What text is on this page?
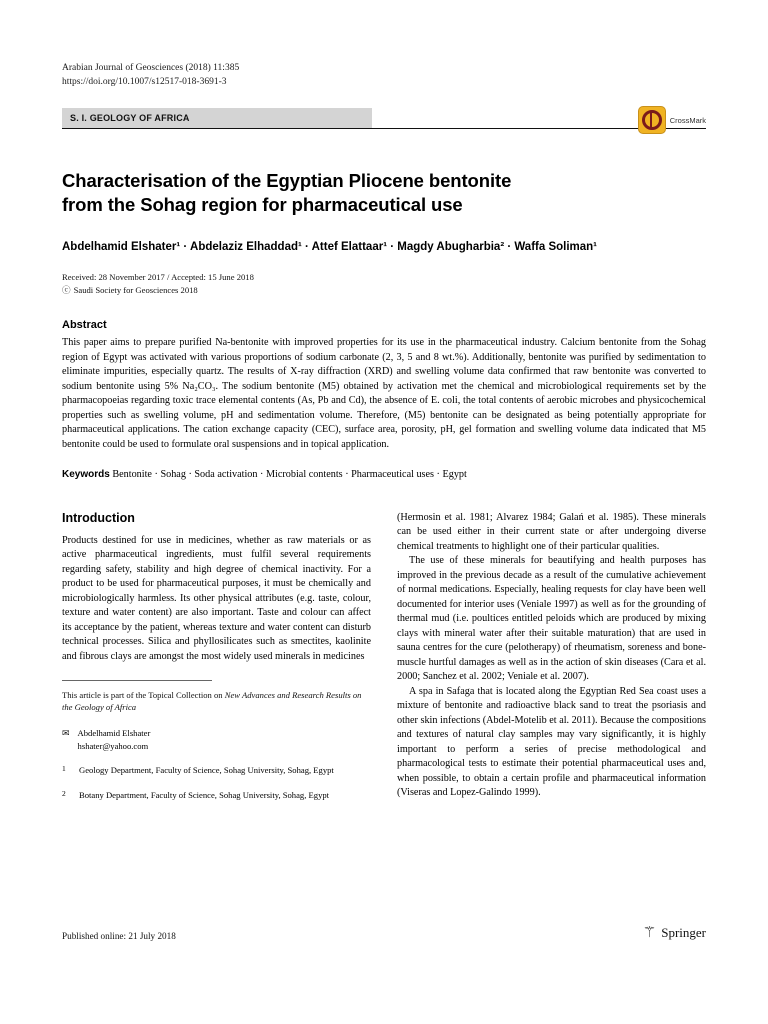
Arabian Journal of Geosciences (2018) 11:385
https://doi.org/10.1007/s12517-018-3691-3
CrossMark
S. I. GEOLOGY OF AFRICA
Characterisation of the Egyptian Pliocene bentonite
from the Sohag region for pharmaceutical use
Abdelhamid Elshater¹ · Abdelaziz Elhaddad¹ · Attef Elattaar¹ · Magdy Abugharbia² · Waffa Soliman¹
Received: 28 November 2017 / Accepted: 15 June 2018
ⓒ Saudi Society for Geosciences 2018
Abstract

This paper aims to prepare purified Na-bentonite with improved properties for its use in the pharmaceutical industry. Calcium bentonite from the Sohag region of Egypt was activated with various proportions of sodium carbonate (2, 3, 5 and 8 wt.%). Additionally, bentonite was purified by sedimentation to eliminate impurities, especially quartz. The results of X-ray diffraction (XRD) and swelling volume data confirmed that raw bentonite was converted to sodium bentonite using 5% Na₂CO₃. The sodium bentonite (M5) obtained by activation met the chemical and microbiological requirements set by the pharmacopoeias regarding toxic trace elemental contents (As, Pb and Cd), the absence of E. coli, the total contents of aerobic microbes and physicochemical properties such as swelling volume, pH and sedimentation volume. Therefore, (M5) bentonite can be designated as being potentially appropriate for pharmaceutical applications. The cation exchange capacity (CEC), surface area, porosity, pH, gel formation and swelling volume data indicated that M5 bentonite could be used to formulate oral suspensions and in topical application.

Keywords Bentonite · Sohag · Soda activation · Microbial contents · Pharmaceutical uses · Egypt
Introduction

Products destined for use in medicines, whether as raw materials or as active pharmaceutical ingredients, must fulfil several requirements regarding safety, stability and high degree of chemical inactivity. For a product to be used for pharmaceutical purposes, it must be chemically and microbiologically harmless. Its other physical attributes (e.g. taste, colour, texture and water content) are also important. Taste and colour can affect its acceptance by the patient, whereas texture and water content can disturb technical processes. Silica and phyllosilicates such as smectites, kaolinite and fibrous clays are amongst the most widely used minerals in medicines

This article is part of the Topical Collection on New Advances and Research Results on the Geology of Africa
✉ Abdelhamid Elshater
hshater@yahoo.com
1	Geology Department, Faculty of Science, Sohag University, Sohag, Egypt
2	Botany Department, Faculty of Science, Sohag University, Sohag, Egypt

(Hermosin et al. 1981; Alvarez 1984; Galań et al. 1985). These minerals can be used either in their current state or after undergoing diverse chemical treatments to highlight one of their particular qualities.

The use of these minerals for beautifying and health purposes has improved in the previous decade as a result of the cumulative achievement of normal medications. Especially, healing requests for clay have been well documented for interior uses (Veniale 1997) as well as for the grounding of thermal mud (i.e. poultices entitled peloids which are produced by mixing clays with mineral water after their suitable maturation) that are used in sauna centres for the cure (pelotherapy) of rheumatism, soreness and bone-muscle hurtful damages as well as in the action of skin diseases (Cara et al. 2000; Sanchez et al. 2002; Veniale et al. 2007).

A spa in Safaga that is located along the Egyptian Red Sea coast uses a mixture of bentonite and radioactive black sand to treat the psoriasis and other skin infections (Abdel-Motelib et al. 2011). Because the compositions and textures of natural clay samples may vary significantly, it is highly important to perform a series of precise methodological and pharmacological tests to estimate their potential pharmaceutical uses and, when possible, to obtain a certain profile and pharmaceutical information (Viseras and Lopez-Galindo 1999).

Published online: 21 July 2018	⚚ Springer
